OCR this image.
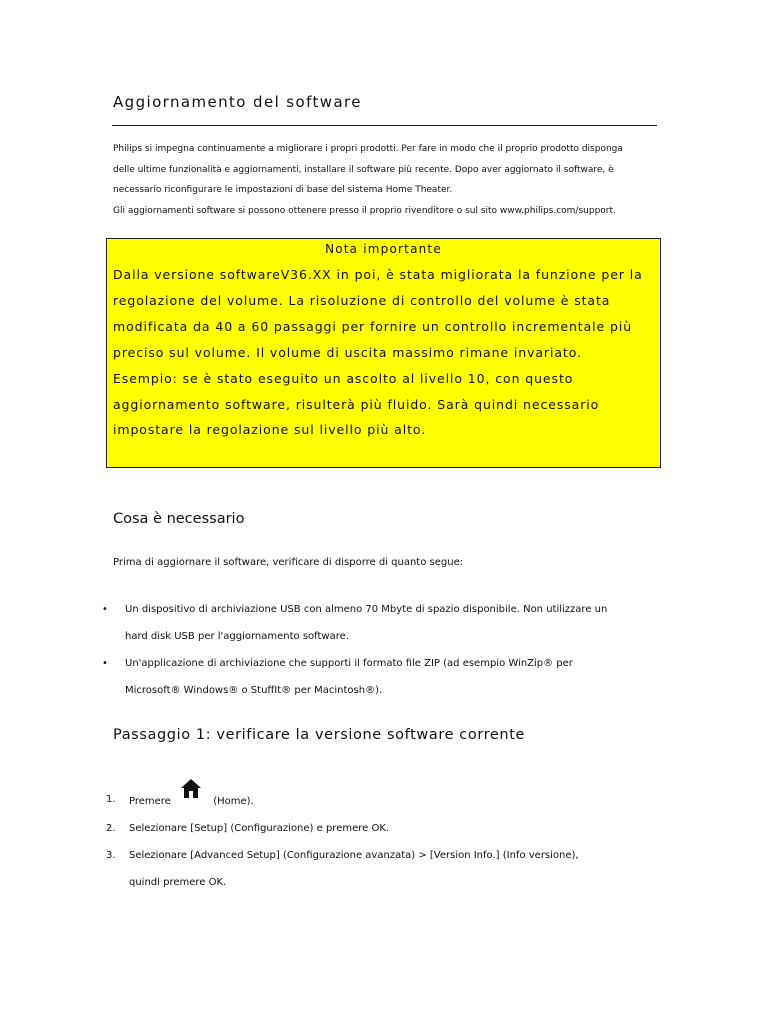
Aggiornamento del software

Philips si impegna continuamente a migliorare i propri prodotti. Per fare in modo che il proprio prodotto disponga

delle ultime funzionalità e aggiornamenti, installare il software più recente. Dopo aver aggiornato il software, è

necessario riconfigurare le impostazioni di base del sistema Home Theater.

Gli aggiornamenti software si possono ottenere presso il proprio rivenditore o sul sito www.philips.com/support.

Nota importante

Dalla versione softwareV36.XX in poi, è stata migliorata la funzione per la

regolazione del volume. La risoluzione di controllo del volume è stata

modificata da 40 a 60 passaggi per fornire un controllo incrementale più

preciso sul volume. Il volume di uscita massimo rimane invariato.

Esempio: se è stato eseguito un ascolto al livello 10, con questo

aggiornamento software, risulterà più fluido. Sarà quindi necessario

impostare la regolazione sul livello più alto.

Cosa è necessario
Prima di aggiornare il software, verificare di disporre di quanto segue:
• Un dispositivo di archiviazione USB con almeno 70 Mbyte di spazio disponibile. Non utilizzare un

hard disk USB per l'aggiornamento software.

• Un'applicazione di archiviazione che supporti il formato file ZIP (ad esempio WinZip® per

Microsoft® Windows® o StuffIt® per Macintosh®).

Passaggio 1: verificare la versione software corrente
1. Premere	(Home).

2. Selezionare [Setup] (Configurazione) e premere OK.

3. Selezionare [Advanced Setup] (Configurazione avanzata) > [Version Info.] (Info versione),

quindi premere OK.
